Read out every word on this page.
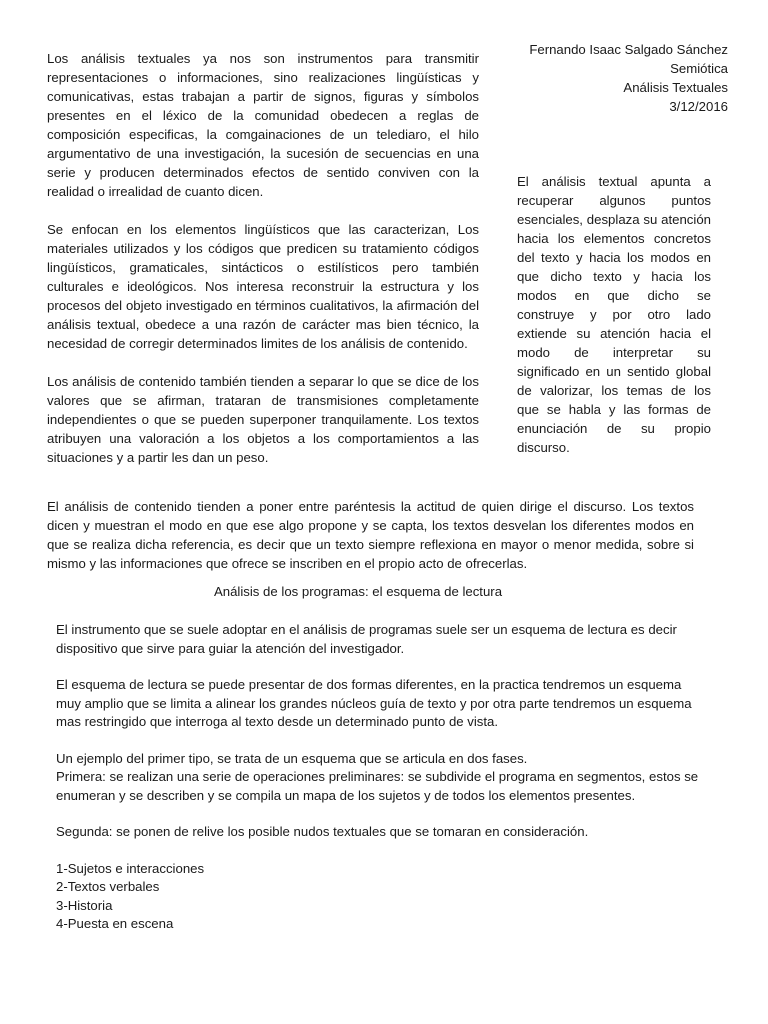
Fernando Isaac Salgado Sánchez
Semiótica
Análisis Textuales
3/12/2016

Los análisis textuales ya nos son instrumentos para transmitir representaciones o informaciones, sino realizaciones lingüísticas y comunicativas, estas trabajan a partir de signos, figuras y símbolos presentes en el léxico de la comunidad obedecen a reglas de composición especificas, la comgainaciones de un telediaro, el hilo argumentativo de una investigación, la sucesión de secuencias en una serie y producen determinados efectos de sentido conviven con la realidad o irrealidad de cuanto dicen.

Se enfocan en los elementos lingüísticos que las caracterizan, Los materiales utilizados y los códigos que predicen su tratamiento códigos lingüísticos, gramaticales, sintácticos o estilísticos pero también culturales e ideológicos. Nos interesa reconstruir la estructura y los procesos del objeto investigado en términos cualitativos, la afirmación del análisis textual, obedece a una razón de carácter mas bien técnico, la necesidad de corregir determinados limites de los análisis de contenido.

Los análisis de contenido también tienden a separar lo que se dice de los valores que se afirman, trataran de transmisiones completamente independientes o que se pueden superponer tranquilamente. Los textos atribuyen una valoración a los objetos a los comportamientos a las situaciones y a partir les dan un peso.

El análisis textual apunta a recuperar algunos puntos esenciales, desplaza su atención hacia los elementos concretos del texto y hacia los modos en que dicho texto y hacia los modos en que dicho se construye y por otro lado extiende su atención hacia el modo de interpretar su significado en un sentido global de valorizar, los temas de los que se habla y las formas de enunciación de su propio discurso.

El análisis de contenido tienden a poner entre paréntesis la actitud de quien dirige el discurso. Los textos dicen y muestran el modo en que ese algo propone y se capta, los textos desvelan los diferentes modos en que se realiza dicha referencia, es decir que un texto siempre reflexiona en mayor o menor medida, sobre si mismo y las informaciones que ofrece se inscriben en el propio acto de ofrecerlas.

Análisis de los programas: el esquema de lectura

El instrumento que se suele adoptar en el análisis de programas suele ser un esquema de lectura es decir dispositivo que sirve para guiar la atención del investigador.

El esquema de lectura se puede presentar de dos formas diferentes, en la practica tendremos un esquema muy amplio que se limita a alinear los grandes núcleos guía de texto y por otra parte tendremos un esquema mas restringido que interroga al texto desde un determinado punto de vista.

Un ejemplo del primer tipo, se trata de un esquema que se articula en dos fases.
Primera: se realizan una serie de operaciones preliminares: se subdivide el programa en segmentos, estos se enumeran y se describen y se compila un mapa de los sujetos y de todos los elementos presentes.

Segunda: se ponen de relive los posible nudos textuales que se tomaran en consideración.

1-Sujetos e interacciones
2-Textos verbales
3-Historia
4-Puesta en escena
